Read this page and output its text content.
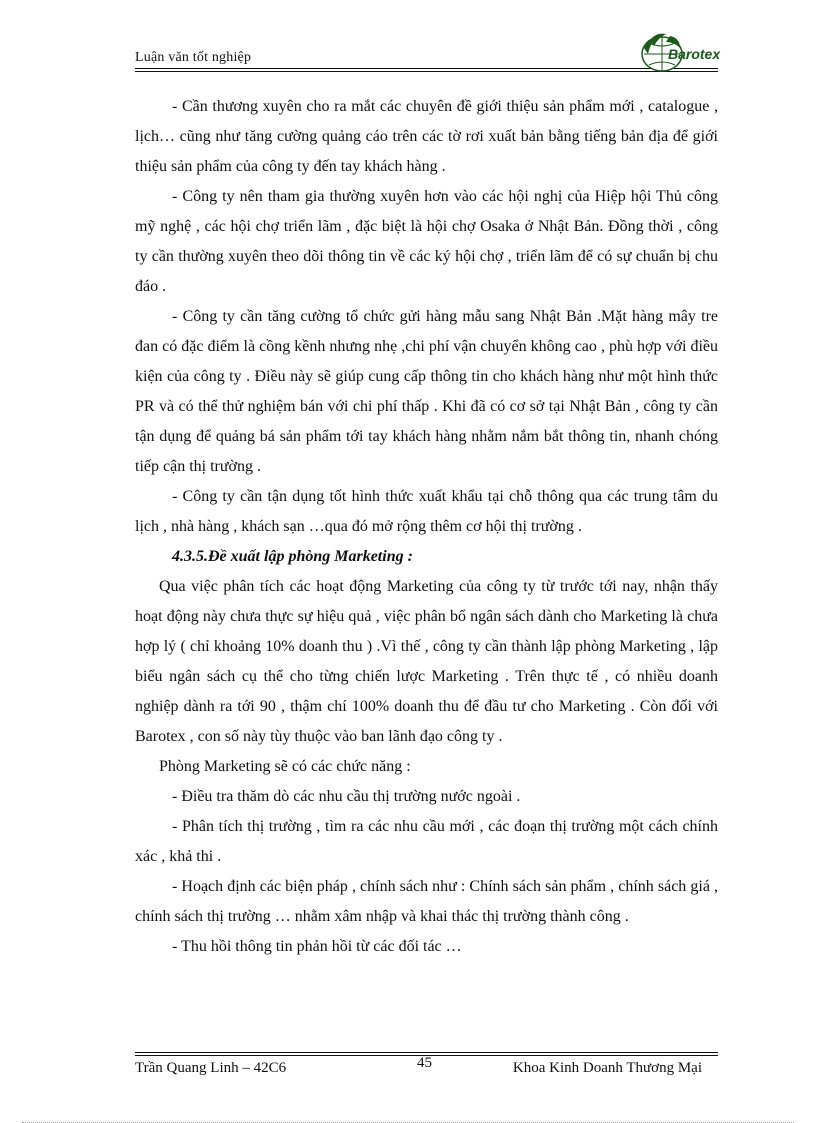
Luận văn tốt nghiệp	Barotex

- Cần thương xuyên cho ra mắt các chuyên đề giới thiệu sản phẩm mới , catalogue , lịch… cũng như tăng cường quảng cáo trên các tờ rơi xuất bản bằng tiếng bản địa để giới thiệu sản phẩm của công ty đến tay khách hàng .

- Công ty nên tham gia thường xuyên hơn vào các hội nghị của Hiệp hội Thủ công mỹ nghệ , các hội chợ triển lãm , đặc biệt là hội chợ Osaka ở Nhật Bản. Đồng thời , công ty cần thường xuyên theo dõi thông tin về các ký hội chợ , triển lãm để có sự chuẩn bị chu đáo .

- Công ty cần tăng cường tổ chức gửi hàng mẫu sang Nhật Bản .Mặt hàng mây tre đan có đặc điểm là cồng kềnh nhưng nhẹ ,chi phí vận chuyển không cao , phù hợp với điều kiện của công ty . Điều này sẽ giúp cung cấp thông tin cho khách hàng như một hình thức PR và có thể thử nghiệm bán với chi phí thấp . Khi đã có cơ sở tại Nhật Bản , công ty cần tận dụng để quảng bá sản phẩm tới tay khách hàng nhằm nắm bắt thông tin, nhanh chóng tiếp cận thị trường .

- Công ty cần tận dụng tốt hình thức xuất khẩu tại chỗ thông qua các trung tâm du lịch , nhà hàng , khách sạn …qua đó mở rộng thêm cơ hội thị trường .

4.3.5.Đề xuất lập phòng Marketing :

Qua việc phân tích các hoạt động Marketing của công ty từ trước tới nay, nhận thấy hoạt động này chưa thực sự hiệu quả , việc phân bổ ngân sách dành cho Marketing là chưa hợp lý ( chỉ khoảng 10% doanh thu ) .Vì thế , công ty cần thành lập phòng Marketing , lập biểu ngân sách cụ thể cho từng chiến lược Marketing . Trên thực tế , có nhiều doanh nghiệp dành ra tới 90 , thậm chí 100% doanh thu để đầu tư cho Marketing . Còn đối với Barotex , con số này tùy thuộc vào ban lãnh đạo công ty .

Phòng Marketing sẽ có các chức năng :

- Điều tra thăm dò các nhu cầu thị trường nước ngoài .

- Phân tích thị trường , tìm ra các nhu cầu mới , các đoạn thị trường một cách chính xác , khả thi .

- Hoạch định các biện pháp , chính sách như : Chính sách sản phẩm , chính sách giá , chính sách thị trường … nhằm xâm nhập và khai thác thị trường thành công .

- Thu hồi thông tin phản hồi từ các đối tác …

Trần Quang Linh – 42C6	45	Khoa Kinh Doanh Thương Mại
